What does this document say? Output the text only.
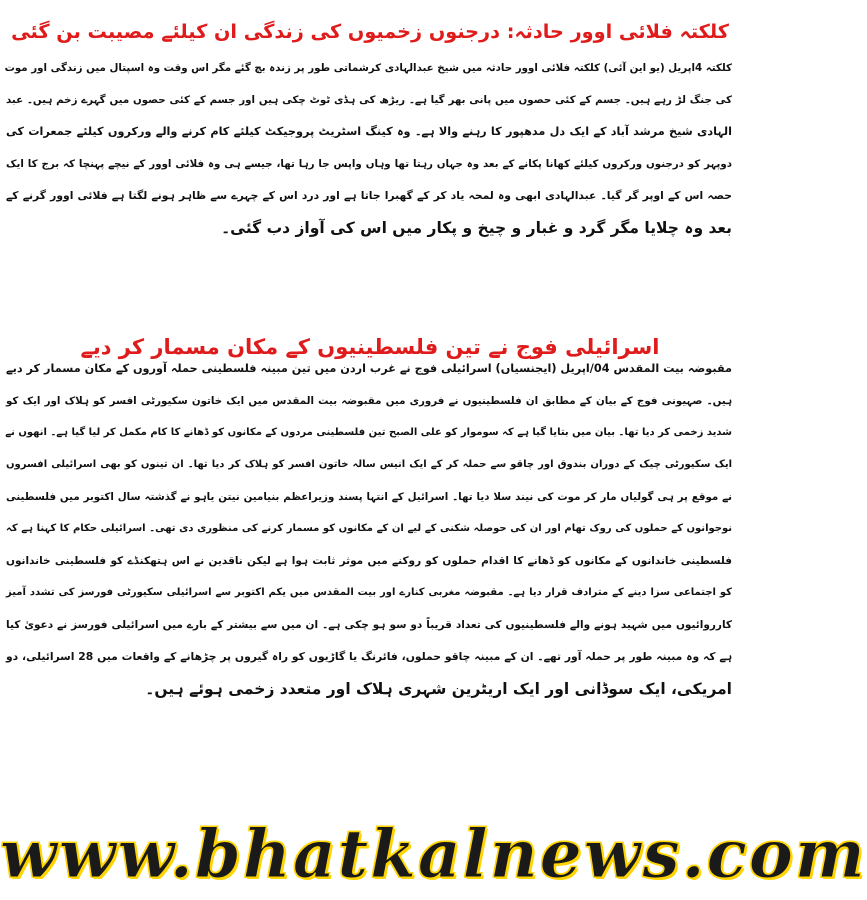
کلکتہ فلائی اوور حادثہ: درجنوں زخمیوں کی زندگی ان کیلئے مصیبت بن گئی
کلکتہ 4اپریل (یو این آئی) کلکتہ فلائی اوور حادثہ میں شیخ عبدالہادی کرشماتی طور پر زندہ بچ گئے مگر اس وقت وہ اسپتال میں زندگی اور موت
کی جنگ لڑ رہے ہیں۔ جسم کے کئی حصوں میں پانی بھر گیا ہے۔ ریڑھ کی ہڈی ٹوٹ چکی ہیں اور جسم کے کئی حصوں میں گہرے زخم ہیں۔ عبد
الہادی شیخ مرشد آباد کے ایک دل مدھپور کا رہنے والا ہے۔ وہ کینگ اسٹریٹ پروجیکٹ کیلئے کام کرنے والے ورکروں کیلئے جمعرات کی
دوپہر کو درجنوں ورکروں کیلئے کھانا پکانے کے بعد وہ جہاں رہتا تھا وہاں واپس جا رہا تھا، جیسے ہی وہ فلائی اوور کے نیچے پہنچا کہ برج کا ایک
حصہ اس کے اوپر گر گیا۔ عبدالہادی ابھی وہ لمحہ یاد کر کے گھبرا جاتا ہے اور درد اس کے چہرے سے ظاہر ہونے لگتا ہے فلائی اوور گرنے کے
بعد وہ چلایا مگر گرد و غبار و چیخ و پکار میں اس کی آواز دب گئی۔
اسرائیلی فوج نے تین فلسطینیوں کے مکان مسمار کر دیے
مقبوضہ بیت المقدس 04/اپریل (ایجنسیاں) اسرائیلی فوج نے غرب اردن میں تین مبینہ فلسطینی حملہ آوروں کے مکان مسمار کر دیے
ہیں۔ صہیونی فوج کے بیان کے مطابق ان فلسطینیوں نے فروری میں مقبوضہ بیت المقدس میں ایک خاتون سکیورٹی افسر کو ہلاک اور ایک کو
شدید زخمی کر دیا تھا۔ بیان میں بتایا گیا ہے کہ سوموار کو علی الصبح تین فلسطینی مردوں کے مکانوں کو ڈھانے کا کام مکمل کر لیا گیا ہے۔ انھوں نے
ایک سکیورٹی چیک کے دوران بندوق اور چاقو سے حملہ کر کے ایک انیس سالہ خاتون افسر کو ہلاک کر دیا تھا۔ ان تینوں کو بھی اسرائیلی افسروں
نے موقع پر ہی گولیاں مار کر موت کی نیند سلا دیا تھا۔ اسرائیل کے انتہا پسند وزیراعظم بنیامین نیتن یاہو نے گذشتہ سال اکتوبر میں فلسطینی
نوجوانوں کے حملوں کی روک تھام اور ان کی حوصلہ شکنی کے لیے ان کے مکانوں کو مسمار کرنے کی منظوری دی تھی۔ اسرائیلی حکام کا کہنا ہے کہ
فلسطینی خاندانوں کے مکانوں کو ڈھانے کا اقدام حملوں کو روکنے میں موثر ثابت ہوا ہے لیکن ناقدین نے اس ہتھکنڈے کو فلسطینی خاندانوں
کو اجتماعی سزا دینے کے مترادف قرار دیا ہے۔ مقبوضہ مغربی کنارے اور بیت المقدس میں یکم اکتوبر سے اسرائیلی سکیورٹی فورسز کی تشدد آمیز
کارروائیوں میں شہید ہونے والے فلسطینیوں کی تعداد قریباً دو سو ہو چکی ہے۔ ان میں سے بیشتر کے بارے میں اسرائیلی فورسز نے دعویٰ کیا
ہے کہ وہ مبینہ طور پر حملہ آور تھے۔ ان کے مبینہ چاقو حملوں، فائرنگ یا گاڑیوں کو راہ گیروں پر چڑھانے کے واقعات میں 28 اسرائیلی، دو
امریکی، ایک سوڈانی اور ایک اریٹرین شہری ہلاک اور متعدد زخمی ہوئے ہیں۔
www.bhatkalnews.com
